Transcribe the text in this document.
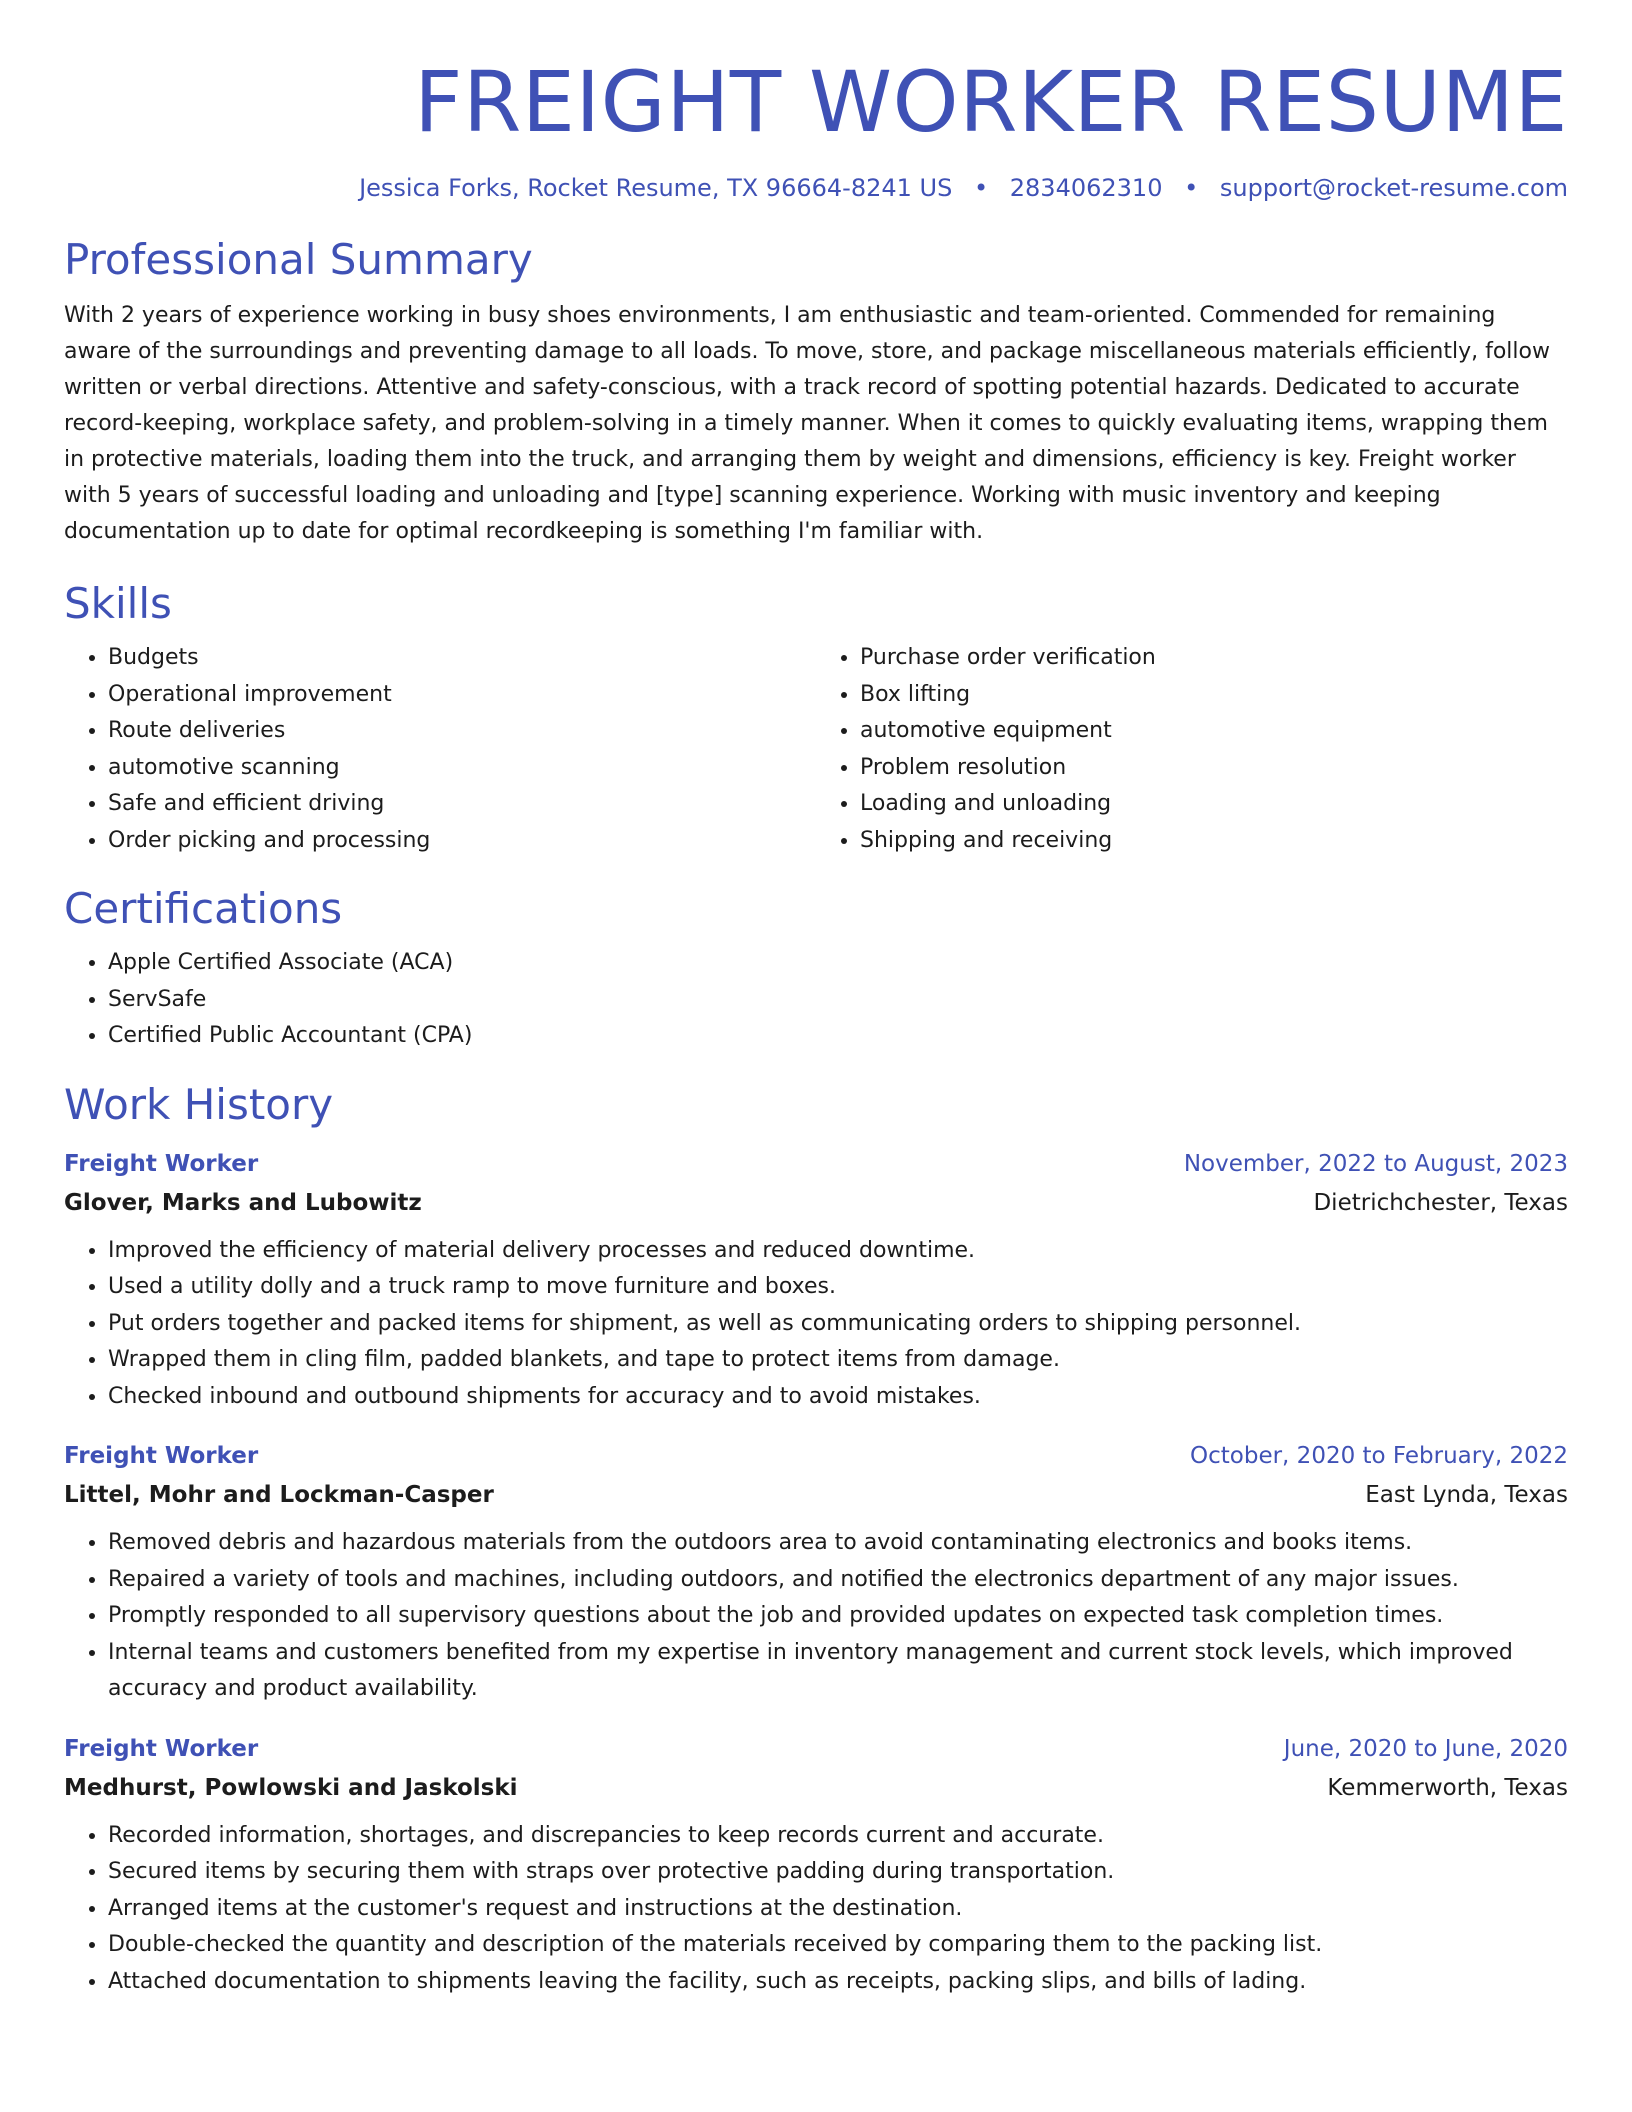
FREIGHT WORKER RESUME
Jessica Forks, Rocket Resume, TX 96664-8241 US • 2834062310 • support@rocket-resume.com
Professional Summary

With 2 years of experience working in busy shoes environments, I am enthusiastic and team-oriented. Commended for remaining aware of the surroundings and preventing damage to all loads. To move, store, and package miscellaneous materials efficiently, follow written or verbal directions. Attentive and safety-conscious, with a track record of spotting potential hazards. Dedicated to accurate record-keeping, workplace safety, and problem-solving in a timely manner. When it comes to quickly evaluating items, wrapping them in protective materials, loading them into the truck, and arranging them by weight and dimensions, efficiency is key. Freight worker with 5 years of successful loading and unloading and [type] scanning experience. Working with music inventory and keeping documentation up to date for optimal recordkeeping is something I'm familiar with.

Skills
• Budgets
• Operational improvement
• Route deliveries
• automotive scanning
• Safe and efficient driving
• Order picking and processing
• Purchase order verification
• Box lifting
• automotive equipment
• Problem resolution
• Loading and unloading
• Shipping and receiving
Certifications
• Apple Certified Associate (ACA)
• ServSafe
• Certified Public Accountant (CPA)
Work History
Freight Worker	November, 2022 to August, 2023
Glover, Marks and Lubowitz	Dietrichchester, Texas
• Improved the efficiency of material delivery processes and reduced downtime.
• Used a utility dolly and a truck ramp to move furniture and boxes.
• Put orders together and packed items for shipment, as well as communicating orders to shipping personnel.
• Wrapped them in cling film, padded blankets, and tape to protect items from damage.
• Checked inbound and outbound shipments for accuracy and to avoid mistakes.
Freight Worker	October, 2020 to February, 2022
Littel, Mohr and Lockman-Casper	East Lynda, Texas
• Removed debris and hazardous materials from the outdoors area to avoid contaminating electronics and books items.
• Repaired a variety of tools and machines, including outdoors, and notified the electronics department of any major issues.
• Promptly responded to all supervisory questions about the job and provided updates on expected task completion times.
• Internal teams and customers benefited from my expertise in inventory management and current stock levels, which improved accuracy and product availability.
Freight Worker	June, 2020 to June, 2020
Medhurst, Powlowski and Jaskolski	Kemmerworth, Texas
• Recorded information, shortages, and discrepancies to keep records current and accurate.
• Secured items by securing them with straps over protective padding during transportation.
• Arranged items at the customer's request and instructions at the destination.
• Double-checked the quantity and description of the materials received by comparing them to the packing list.
• Attached documentation to shipments leaving the facility, such as receipts, packing slips, and bills of lading.
